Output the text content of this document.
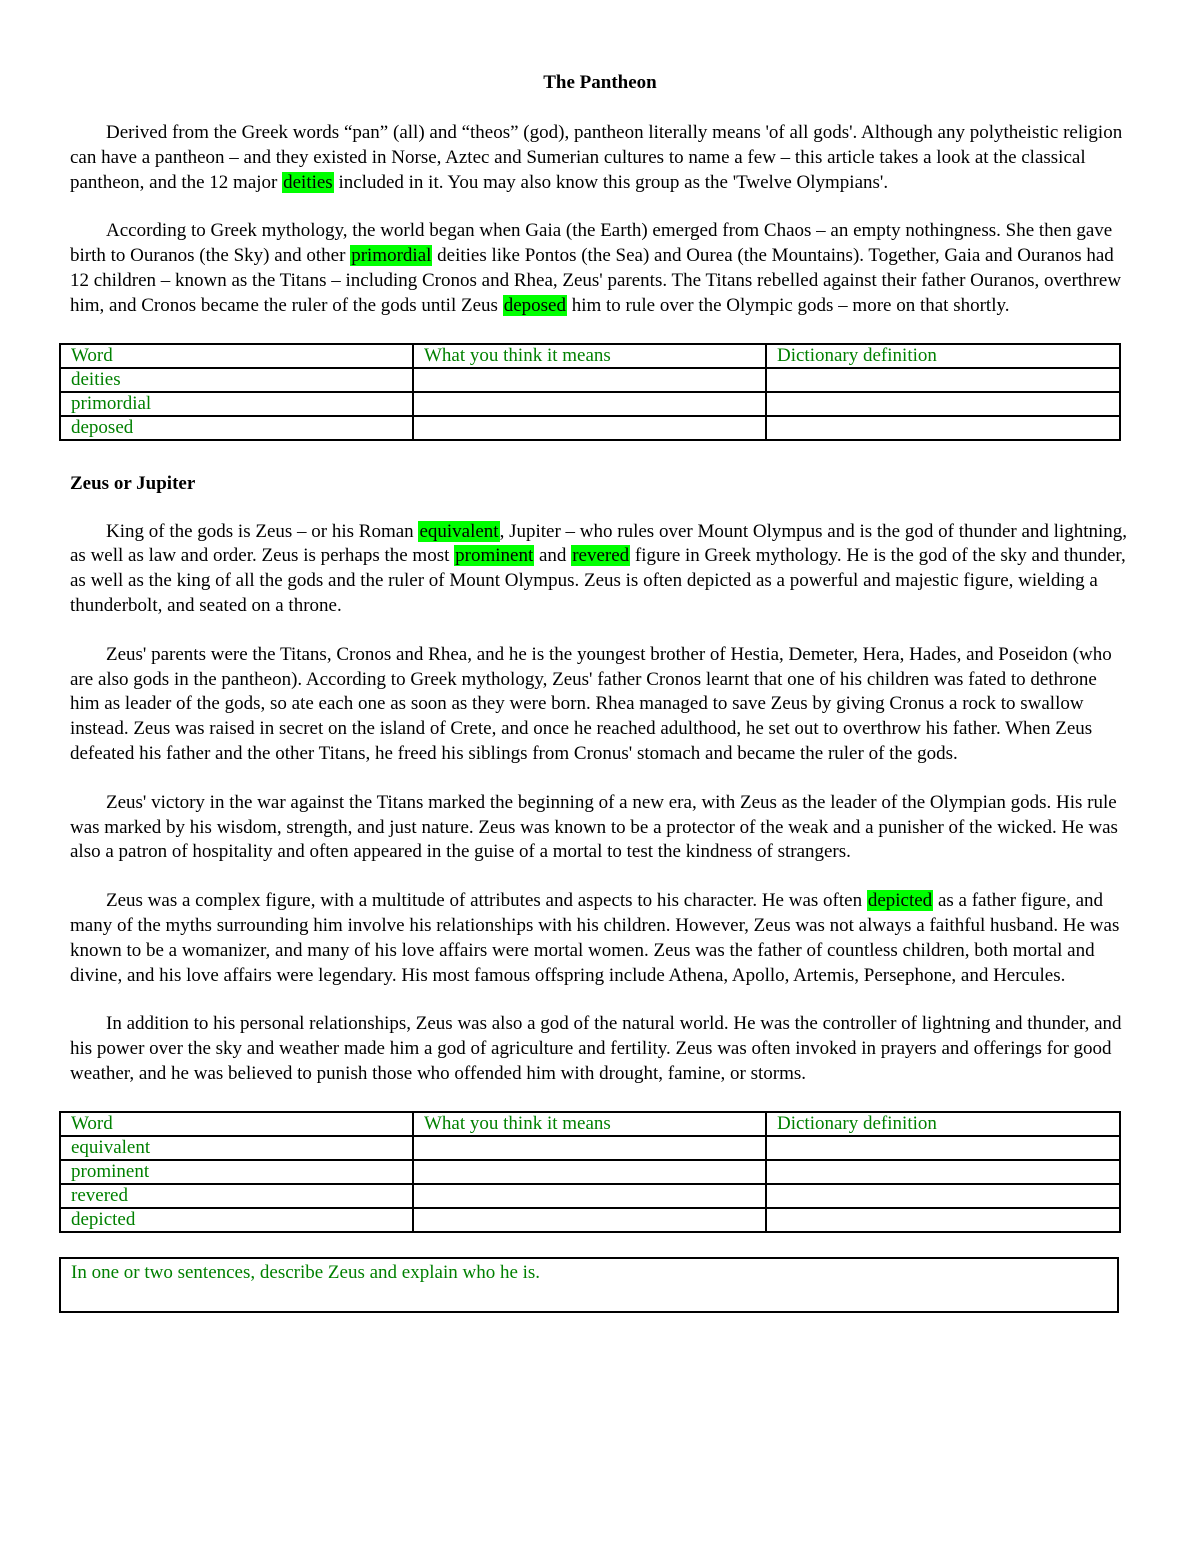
The Pantheon

Derived from the Greek words “pan” (all) and “theos” (god), pantheon literally means 'of all gods'. Although any polytheistic religion can have a pantheon – and they existed in Norse, Aztec and Sumerian cultures to name a few – this article takes a look at the classical pantheon, and the 12 major deities included in it. You may also know this group as the 'Twelve Olympians'.

According to Greek mythology, the world began when Gaia (the Earth) emerged from Chaos – an empty nothingness. She then gave birth to Ouranos (the Sky) and other primordial deities like Pontos (the Sea) and Ourea (the Mountains). Together, Gaia and Ouranos had 12 children – known as the Titans – including Cronos and Rhea, Zeus' parents. The Titans rebelled against their father Ouranos, overthrew him, and Cronos became the ruler of the gods until Zeus deposed him to rule over the Olympic gods – more on that shortly.

Word	What you think it means	Dictionary definition
deities		
primordial		
deposed		
Zeus or Jupiter

King of the gods is Zeus – or his Roman equivalent, Jupiter – who rules over Mount Olympus and is the god of thunder and lightning, as well as law and order. Zeus is perhaps the most prominent and revered figure in Greek mythology. He is the god of the sky and thunder, as well as the king of all the gods and the ruler of Mount Olympus. Zeus is often depicted as a powerful and majestic figure, wielding a thunderbolt, and seated on a throne.

Zeus' parents were the Titans, Cronos and Rhea, and he is the youngest brother of Hestia, Demeter, Hera, Hades, and Poseidon (who are also gods in the pantheon). According to Greek mythology, Zeus' father Cronos learnt that one of his children was fated to dethrone him as leader of the gods, so ate each one as soon as they were born. Rhea managed to save Zeus by giving Cronus a rock to swallow instead. Zeus was raised in secret on the island of Crete, and once he reached adulthood, he set out to overthrow his father. When Zeus defeated his father and the other Titans, he freed his siblings from Cronus' stomach and became the ruler of the gods.

Zeus' victory in the war against the Titans marked the beginning of a new era, with Zeus as the leader of the Olympian gods. His rule was marked by his wisdom, strength, and just nature. Zeus was known to be a protector of the weak and a punisher of the wicked. He was also a patron of hospitality and often appeared in the guise of a mortal to test the kindness of strangers.

Zeus was a complex figure, with a multitude of attributes and aspects to his character. He was often depicted as a father figure, and many of the myths surrounding him involve his relationships with his children. However, Zeus was not always a faithful husband. He was known to be a womanizer, and many of his love affairs were mortal women. Zeus was the father of countless children, both mortal and divine, and his love affairs were legendary. His most famous offspring include Athena, Apollo, Artemis, Persephone, and Hercules.

In addition to his personal relationships, Zeus was also a god of the natural world. He was the controller of lightning and thunder, and his power over the sky and weather made him a god of agriculture and fertility. Zeus was often invoked in prayers and offerings for good weather, and he was believed to punish those who offended him with drought, famine, or storms.

Word	What you think it means	Dictionary definition
equivalent		
prominent		
revered		
depicted		
In one or two sentences, describe Zeus and explain who he is.
